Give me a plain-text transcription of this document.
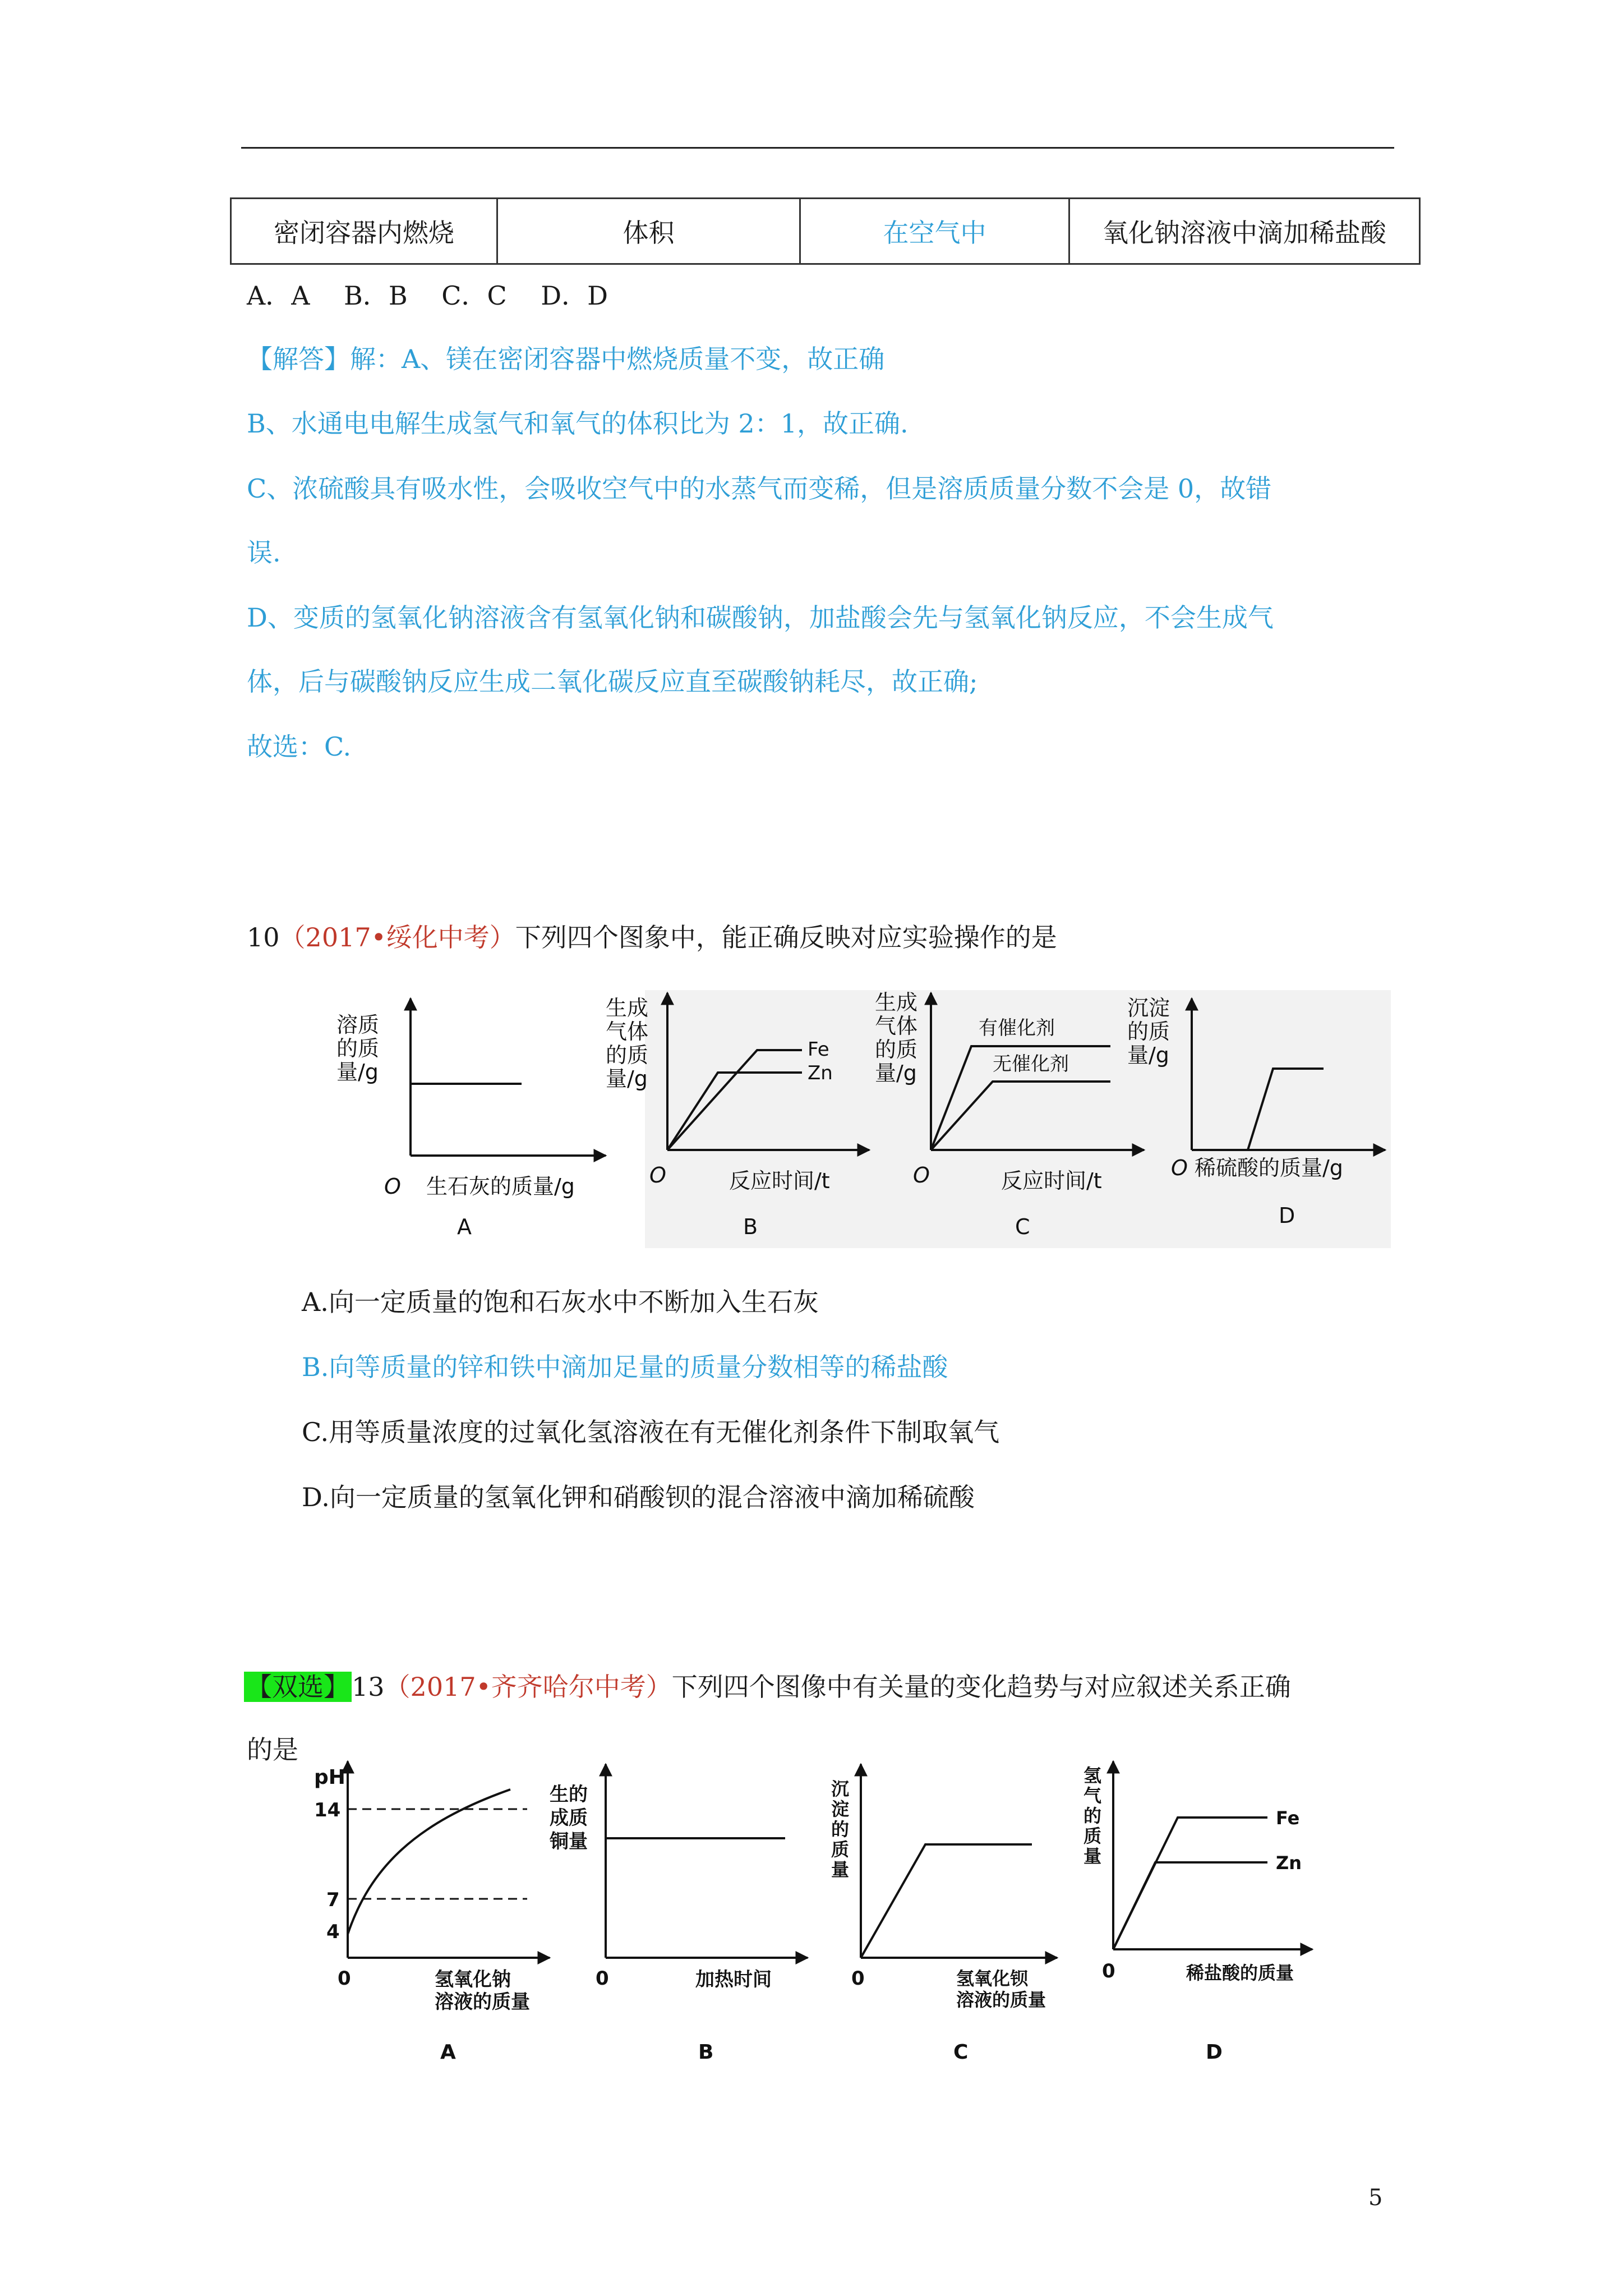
密闭容器内燃烧	体积	在空气中	氧化钠溶液中滴加稀盐酸
A．A　 B．B　 C．C　 D．D
【解答】解：A、镁在密闭容器中燃烧质量不变，故正确
B、水通电电解生成氢气和氧气的体积比为 2：1，故正确.
C、浓硫酸具有吸水性，会吸收空气中的水蒸气而变稀，但是溶质质量分数不会是 0，故错
误.
D、变质的氢氧化钠溶液含有氢氧化钠和碳酸钠，加盐酸会先与氢氧化钠反应，不会生成气
体，后与碳酸钠反应生成二氧化碳反应直至碳酸钠耗尽，故正确;
故选：C.
10（2017•绥化中考）下列四个图象中，能正确反映对应实验操作的是
溶质
的质
量/g
O 生石灰的质量/g
A
生成
气体
的质
量/g
Fe
Zn
O	反应时间/t
B
生成
气体
的质
量/g
有催化剂
无催化剂
O	反应时间/t
C
沉淀
的质
量/g
O 稀硫酸的质量/g
D
A.向一定质量的饱和石灰水中不断加入生石灰
B.向等质量的锌和铁中滴加足量的质量分数相等的稀盐酸
C.用等质量浓度的过氧化氢溶液在有无催化剂条件下制取氧气
D.向一定质量的氢氧化钾和硝酸钡的混合溶液中滴加稀硫酸
【双选】13（2017•齐齐哈尔中考）下列四个图像中有关量的变化趋势与对应叙述关系正确
的是
pH
14
7
4
0	氢氧化钠
溶液的质量
A
生的
成质
铜量
0	加热时间
B
沉
淀
的
质
量
0	氢氧化钡
溶液的质量
C
氢
气
的
质
量
Fe
Zn
0	稀盐酸的质量
D
5
